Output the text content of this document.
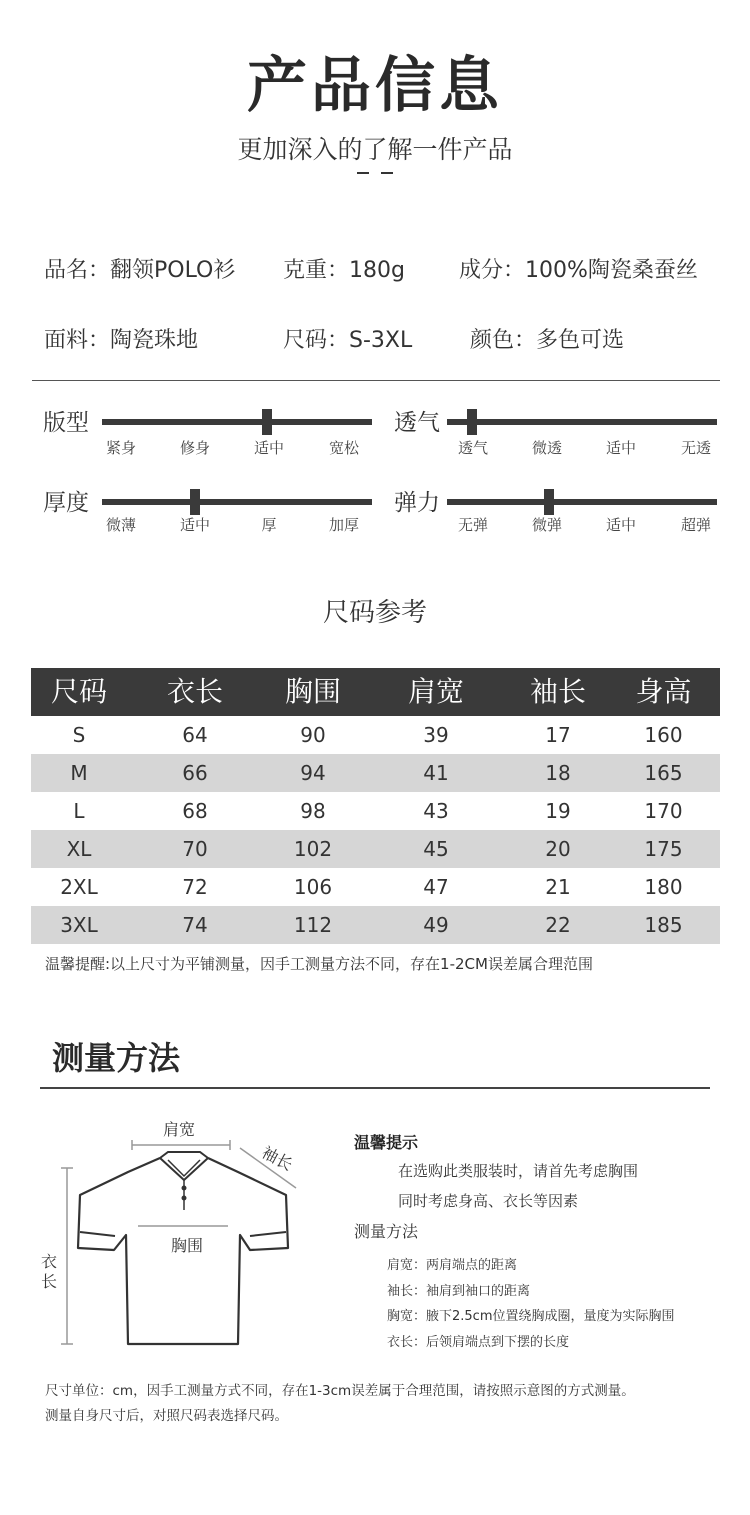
产品信息
更加深入的了解一件产品
品名：翻领POLO衫 克重：180g 成分：100%陶瓷桑蚕丝
面料：陶瓷珠地	尺码：S-3XL	颜色：多色可选
版型
紧身	修身	适中	宽松
透气
透气	微透	适中	无透
厚度
微薄	适中	厚	加厚
弹力
无弹	微弹	适中	超弹
尺码参考
尺码	衣长	胸围	肩宽	袖长	身高
S	64	90	39	17	160
M	66	94	41	18	165
L	68	98	43	19	170
XL	70	102	45	20	175
2XL	72	106	47	21	180
3XL	74	112	49	22	185
温馨提醒:以上尺寸为平铺测量，因手工测量方法不同，存在1-2CM误差属合理范围
测量方法
肩宽
袖长
胸围
衣长
温馨提示
在选购此类服装时，请首先考虑胸围
同时考虑身高、衣长等因素
测量方法
肩宽：两肩端点的距离
袖长：袖肩到袖口的距离
胸宽：腋下2.5cm位置绕胸成圈，量度为实际胸围
衣长：后领肩端点到下摆的长度
尺寸单位：cm，因手工测量方式不同，存在1-3cm误差属于合理范围，请按照示意图的方式测量。
测量自身尺寸后，对照尺码表选择尺码。
